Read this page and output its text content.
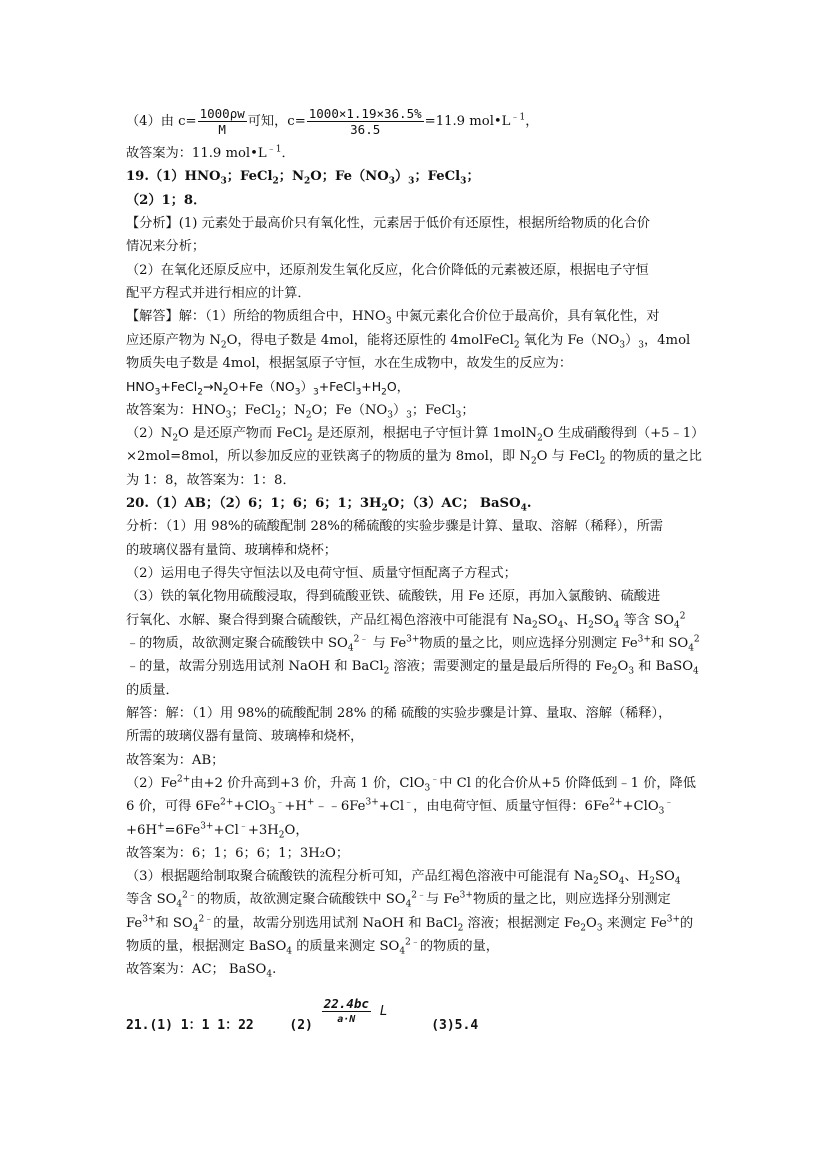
（4）由 $c= \frac{1000\rho w}{M}$ 可知，$c= \frac{1000\times 1.19\times 36.5\%}{36.5} =11.9$ $mol•L^{﹣1}$，
故答案为：11.9 $mol•L^{﹣1}$．
$19.(1)HNO_3$；FeCl$_2$；$N_2O$；$Fe(NO_3)_3$；FeCl$_3$；
（2）1；8．
【分析】(1) 元素处于最高价只有氧化性，元素居于低价有还原性，根据所给物质的化合价
情况来分析；
（2）在氧化还原反应中，还原剂发生氧化反应，化合价降低的元素被还原，根据电子守恒
配平方程式并进行相应的计算．
【解答】解：（1）所给的物质组合中，$HNO_3$ 中氮元素化合价位于最高价，具有氧化性，对
应还原产物为 $N_2O$，得电子数是 4mol，能将还原性的 4molFeCl$_2$ 氧化为 $Fe(NO_3)_3$，4mol
物质失电子数是 4mol，根据氢原子守恒，水在生成物中，故发生的反应为：
$HNO_3+FeCl_2\to N_2O+Fe(NO_3)_3+FeCl_3+H_2O$，
故答案为：$HNO_3$；FeCl$_2$；$N_2O$；$Fe(NO_3)_3$；FeCl$_3$；
$(2)N_2O$ 是还原产物而 FeCl$_2$ 是还原剂，根据电子守恒计算 1molN$_2$O 生成硝酸得到（+5﹣1）
×2mol=8mol，所以参加反应的亚铁离子的物质的量为 8mol，即 $N_2O$ 与 FeCl$_2$ 的物质的量之比
为 1：8，故答案为：1：8．
20.（1）AB；（2）6；1；6；6；1；$3H_2O$；（3）AC； BaSO$_4$.
分析：（1）用 98%的硫酸配制 28%的稀硫酸的实验步骤是计算、量取、溶解（稀释），所需
的玻璃仪器有量筒、玻璃棒和烧杯；
（2）运用电子得失守恒法以及电荷守恒、质量守恒配离子方程式；
（3）铁的氧化物用硫酸浸取，得到硫酸亚铁、硫酸铁，用 Fe 还原，再加入氯酸钠、硫酸进
行氧化、水解、聚合得到聚合硫酸铁，产品红褐色溶液中可能混有 $Na_2SO_4$、$H_2SO_4$ 等含 $SO_4^2$
﹣的物质，故欲测定聚合硫酸铁中 $SO_4^{2﹣}$ 与 $Fe^{3+}$物质的量之比，则应选择分别测定 $Fe^{3+}$和 $SO_4^2$
﹣的量，故需分别选用试剂 NaOH 和 BaCl$_2$ 溶液；需要测定的量是最后所得的 $Fe_2O_3$ 和 BaSO$_4$
的质量．
解答：解：（1）用 98%的硫酸配制 28% 的稀 硫酸的实验步骤是计算、量取、溶解（稀释），
所需的玻璃仪器有量筒、玻璃棒和烧杯，
故答案为：AB；
$(2)Fe^{2+}$由+2 价升高到+3 价，升高 1 价，ClO$_3$﹣中 Cl 的化合价从+5 价降低到﹣1 价，降低
6 价，可得 $6Fe^{2+}+ClO_3^﹣+H^+﹣﹣6Fe^{3+}+Cl^﹣$，由电荷守恒、质量守恒得：$6Fe^{2+}+ClO_3^﹣$
$+6H^+=6Fe^{3+}+Cl^﹣+3H_2O$，
故答案为：6；1；6；6；1；3H₂O；
（3）根据题给制取聚合硫酸铁的流程分析可知，产品红褐色溶液中可能混有 $Na_2SO_4$、$H_2SO_4$
等含 $SO_4^{2﹣}$的物质，故欲测定聚合硫酸铁中 $SO_4^{2﹣}$与 $Fe^{3+}$物质的量之比，则应选择分别测定
$Fe^{3+}$和 $SO_4^{2﹣}$的量，故需分别选用试剂 NaOH 和 BaCl$_2$ 溶液；根据测定 $Fe_2O_3$ 来测定 $Fe^{3+}$的
物质的量，根据测定 BaSO$_4$ 的质量来测定 $SO_4^{2﹣}$的物质的量，
故答案为：AC； BaSO$_4$.
21.(1) 1：1 1：22	$(2) \frac{22.4bc}{a\cdot N}$ L  (3)5.4
